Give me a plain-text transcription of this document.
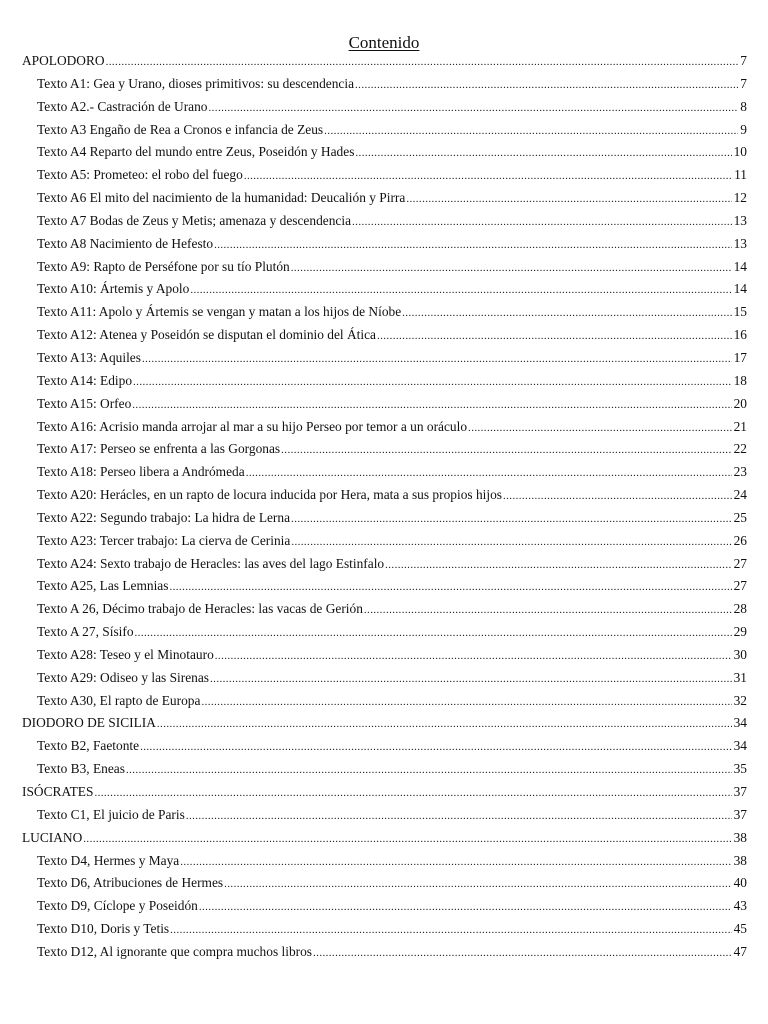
Contenido
APOLODORO .....	7
Texto A1: Gea y Urano, dioses primitivos: su descendencia .....	7
Texto A2.- Castración de Urano .....	8
Texto A3 Engaño de Rea a Cronos e infancia de Zeus .....	9
Texto A4 Reparto del mundo entre Zeus, Poseidón y Hades .....	10
Texto A5: Prometeo: el robo del fuego .....	11
Texto A6 El mito del nacimiento de la humanidad: Deucalión y Pirra .....	12
Texto A7 Bodas de Zeus y Metis; amenaza y descendencia .....	13
Texto A8 Nacimiento de Hefesto .....	13
Texto A9: Rapto de Perséfone por su tío Plutón .....	14
Texto A10: Ártemis y Apolo .....	14
Texto A11: Apolo y Ártemis se vengan y matan a los hijos de Níobe .....	15
Texto A12: Atenea y Poseidón se disputan el dominio del Ática .....	16
Texto A13: Aquiles .....	17
Texto A14: Edipo .....	18
Texto A15: Orfeo .....	20
Texto A16: Acrisio manda arrojar al mar a su hijo Perseo por temor a un oráculo .....	21
Texto A17: Perseo se enfrenta a las Gorgonas .....	22
Texto A18: Perseo libera a Andrómeda .....	23
Texto A20: Herácles, en un rapto de locura inducida por Hera, mata a sus propios hijos .....	24
Texto A22: Segundo trabajo: La hidra de Lerna .....	25
Texto A23: Tercer trabajo: La cierva de Cerinia .....	26
Texto A24: Sexto trabajo de Heracles: las aves del lago Estinfalo .....	27
Texto A25, Las Lemnias .....	27
Texto A 26, Décimo trabajo de Heracles: las vacas de Gerión .....	28
Texto A 27, Sísifo .....	29
Texto A28: Teseo y el Minotauro .....	30
Texto A29: Odiseo y las Sirenas .....	31
Texto A30, El rapto de Europa .....	32
DIODORO DE SICILIA .....	34
Texto B2, Faetonte .....	34
Texto B3, Eneas .....	35
ISÓCRATES .....	37
Texto C1, El juicio de Paris .....	37
LUCIANO .....	38
Texto D4, Hermes y Maya .....	38
Texto D6, Atribuciones de Hermes .....	40
Texto D9, Cíclope y Poseidón .....	43
Texto D10, Doris y Tetis .....	45
Texto D12, Al ignorante que compra muchos libros .....	47
